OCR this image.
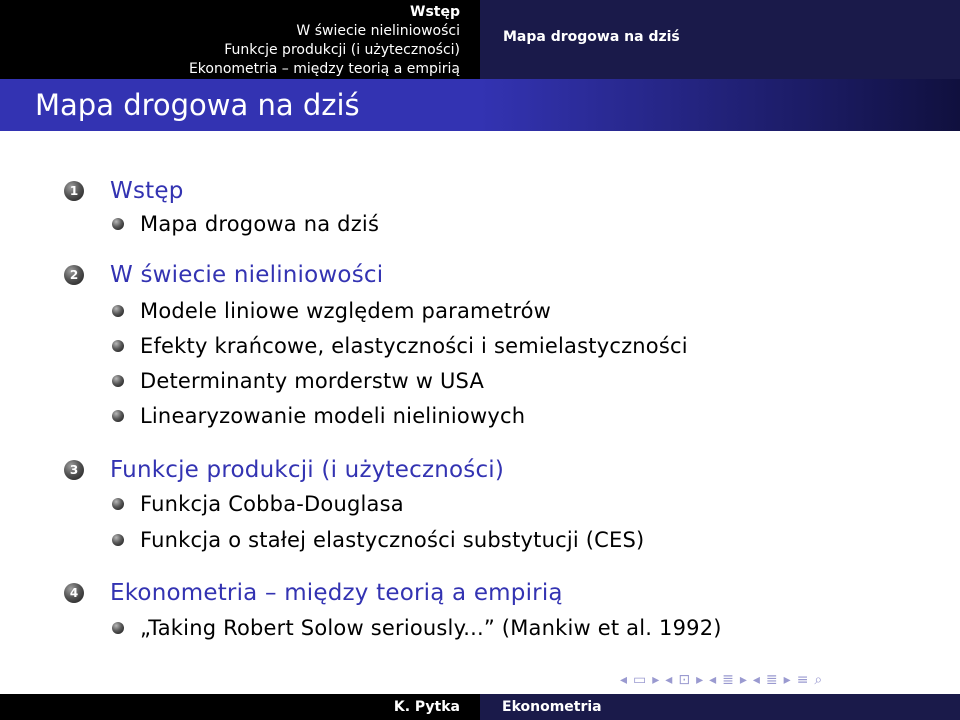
Wstęp
W świecie nieliniowości
Funkcje produkcji (i użyteczności)
Ekonometria – między teorią a empirią
Mapa drogowa na dziś
Mapa drogowa na dziś
1 Wstęp
Mapa drogowa na dziś
2 W świecie nieliniowości
Modele liniowe względem parametrów
Efekty krańcowe, elastyczności i semielastyczności
Determinanty morderstw w USA
Linearyzowanie modeli nieliniowych
3 Funkcje produkcji (i użyteczności)
Funkcja Cobba-Douglasa
Funkcja o stałej elastyczności substytucji (CES)
4 Ekonometria – między teorią a empirią
„Taking Robert Solow seriously...” (Mankiw et al. 1992)
◂ ▭ ▸ ◂ ⊡ ▸ ◂ ≣ ▸ ◂ ≣ ▸ ≡ ⌕
K. Pytka	Ekonometria
